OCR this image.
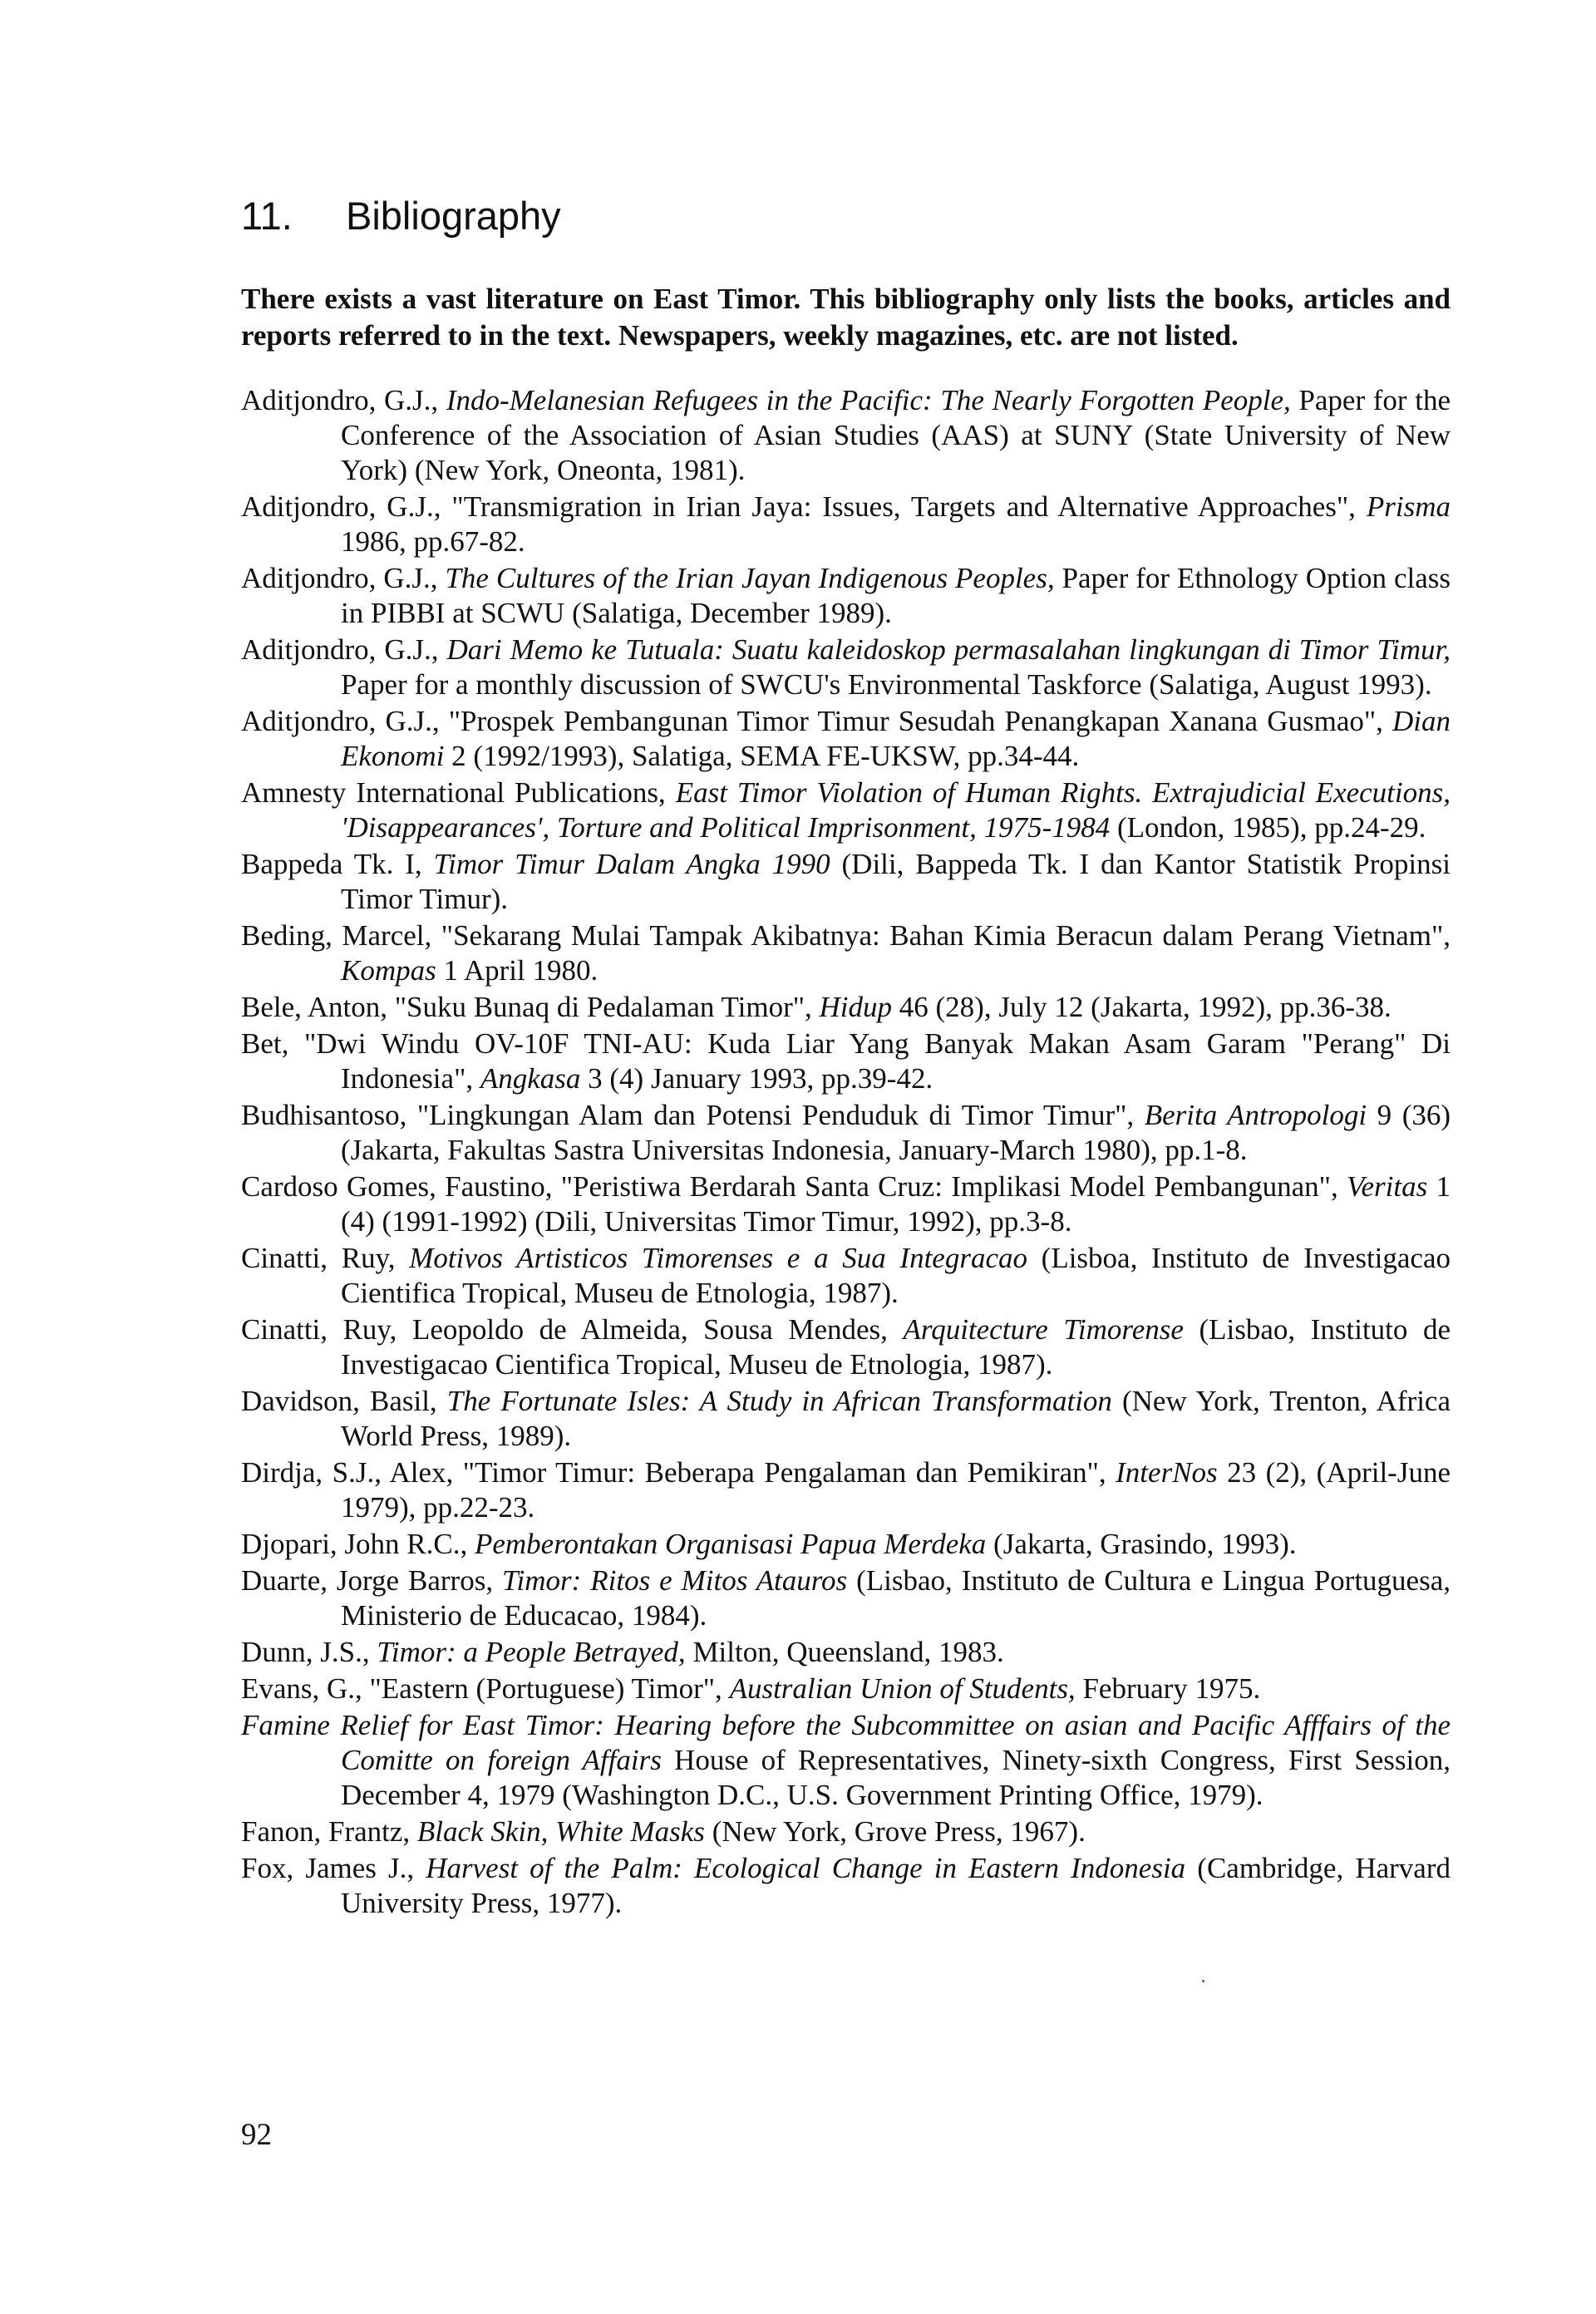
11. Bibliography

There exists a vast literature on East Timor. This bibliography only lists the books, articles and reports referred to in the text. Newspapers, weekly magazines, etc. are not listed.

Aditjondro, G.J., Indo-Melanesian Refugees in the Pacific: The Nearly Forgotten People, Paper for the Conference of the Association of Asian Studies (AAS) at SUNY (State University of New York) (New York, Oneonta, 1981).
Aditjondro, G.J., "Transmigration in Irian Jaya: Issues, Targets and Alternative Approaches", Prisma 1986, pp.67-82.
Aditjondro, G.J., The Cultures of the Irian Jayan Indigenous Peoples, Paper for Ethnology Option class in PIBBI at SCWU (Salatiga, December 1989).
Aditjondro, G.J., Dari Memo ke Tutuala: Suatu kaleidoskop permasalahan lingkungan di Timor Timur, Paper for a monthly discussion of SWCU's Environmental Taskforce (Salatiga, August 1993).
Aditjondro, G.J., "Prospek Pembangunan Timor Timur Sesudah Penangkapan Xanana Gusmao", Dian Ekonomi 2 (1992/1993), Salatiga, SEMA FE-UKSW, pp.34-44.
Amnesty International Publications, East Timor Violation of Human Rights. Extrajudicial Executions, 'Disappearances', Torture and Political Imprisonment, 1975-1984 (London, 1985), pp.24-29.
Bappeda Tk. I, Timor Timur Dalam Angka 1990 (Dili, Bappeda Tk. I dan Kantor Statistik Propinsi Timor Timur).
Beding, Marcel, "Sekarang Mulai Tampak Akibatnya: Bahan Kimia Beracun dalam Perang Vietnam", Kompas 1 April 1980.
Bele, Anton, "Suku Bunaq di Pedalaman Timor", Hidup 46 (28), July 12 (Jakarta, 1992), pp.36-38.
Bet, "Dwi Windu OV-10F TNI-AU: Kuda Liar Yang Banyak Makan Asam Garam "Perang" Di Indonesia", Angkasa 3 (4) January 1993, pp.39-42.
Budhisantoso, "Lingkungan Alam dan Potensi Penduduk di Timor Timur", Berita Antropologi 9 (36) (Jakarta, Fakultas Sastra Universitas Indonesia, January-March 1980), pp.1-8.
Cardoso Gomes, Faustino, "Peristiwa Berdarah Santa Cruz: Implikasi Model Pembangunan", Veritas 1 (4) (1991-1992) (Dili, Universitas Timor Timur, 1992), pp.3-8.
Cinatti, Ruy, Motivos Artisticos Timorenses e a Sua Integracao (Lisboa, Instituto de Investigacao Cientifica Tropical, Museu de Etnologia, 1987).
Cinatti, Ruy, Leopoldo de Almeida, Sousa Mendes, Arquitecture Timorense (Lisbao, Instituto de Investigacao Cientifica Tropical, Museu de Etnologia, 1987).
Davidson, Basil, The Fortunate Isles: A Study in African Transformation (New York, Trenton, Africa World Press, 1989).
Dirdja, S.J., Alex, "Timor Timur: Beberapa Pengalaman dan Pemikiran", InterNos 23 (2), (April-June 1979), pp.22-23.
Djopari, John R.C., Pemberontakan Organisasi Papua Merdeka (Jakarta, Grasindo, 1993).
Duarte, Jorge Barros, Timor: Ritos e Mitos Atauros (Lisbao, Instituto de Cultura e Lingua Portuguesa, Ministerio de Educacao, 1984).
Dunn, J.S., Timor: a People Betrayed, Milton, Queensland, 1983.
Evans, G., "Eastern (Portuguese) Timor", Australian Union of Students, February 1975.
Famine Relief for East Timor: Hearing before the Subcommittee on asian and Pacific Afffairs of the Comitte on foreign Affairs House of Representatives, Ninety-sixth Congress, First Session, December 4, 1979 (Washington D.C., U.S. Government Printing Office, 1979).
Fanon, Frantz, Black Skin, White Masks (New York, Grove Press, 1967).
Fox, James J., Harvest of the Palm: Ecological Change in Eastern Indonesia (Cambridge, Harvard University Press, 1977).
92
